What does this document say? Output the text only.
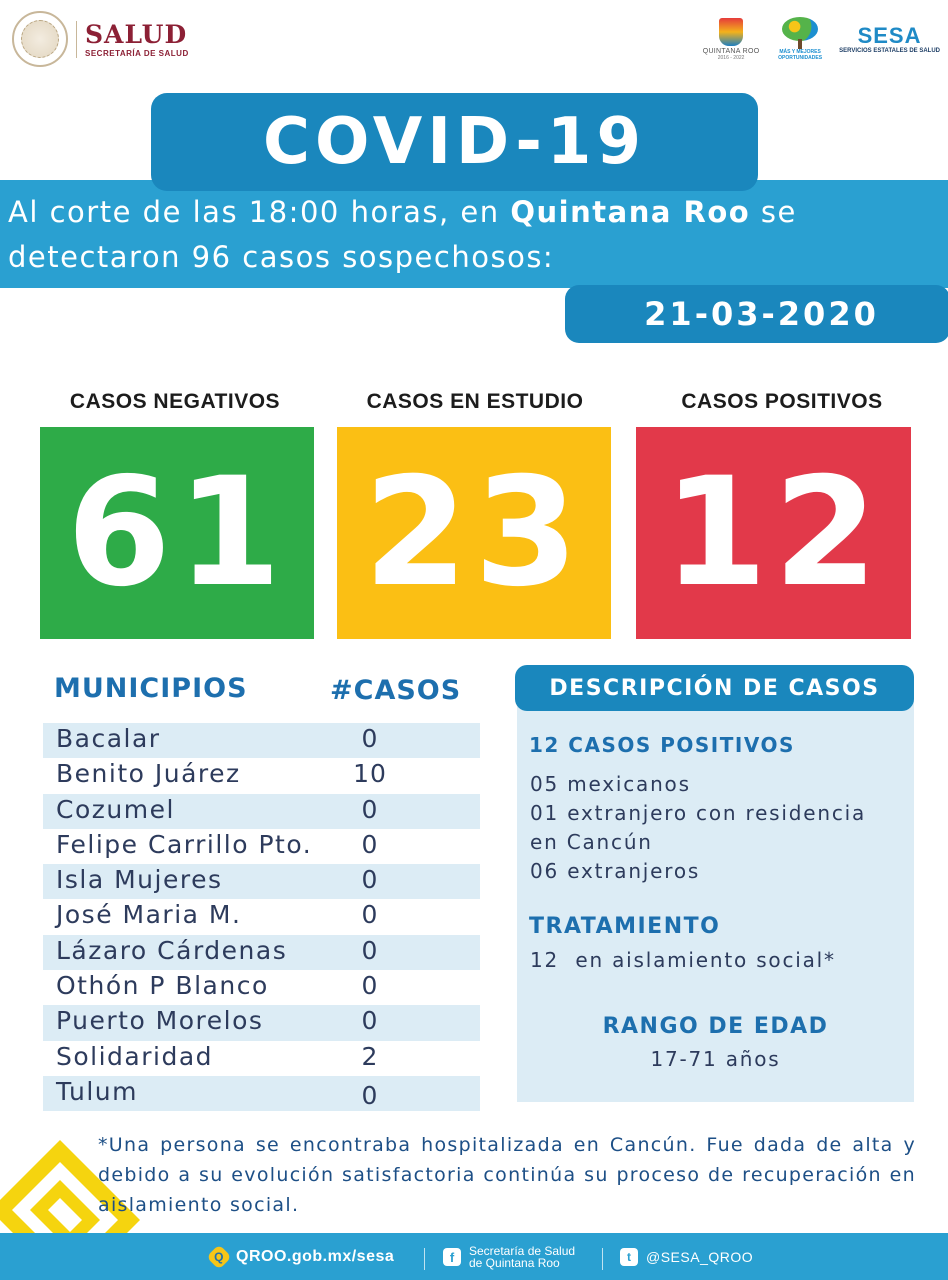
SALUD
SECRETARÍA DE SALUD	QUINTANA ROO
2016 - 2022
MÁS Y MEJORES
OPORTUNIDADES
SESA
SERVICIOS ESTATALES DE SALUD
COVID-19
Al corte de las 18:00 horas, en Quintana Roo se detectaron 96 casos sospechosos:
21-03-2020
CASOS NEGATIVOS	CASOS EN ESTUDIO	CASOS POSITIVOS
61 23 12
MUNICIPIOS	#CASOS
Bacalar	0
Benito Juárez	10
Cozumel	0
Felipe Carrillo Pto.	0
Isla Mujeres	0
José Maria M.	0
Lázaro Cárdenas	0
Othón P Blanco	0
Puerto Morelos	0
Solidaridad	2
Tulum	0
DESCRIPCIÓN DE CASOS
12 CASOS POSITIVOS
05 mexicanos
01 extranjero con residencia
en Cancún
06 extranjeros
TRATAMIENTO
12  en aislamiento social*
RANGO DE EDAD
17-71 años
*Una persona se encontraba hospitalizada en Cancún. Fue dada de alta y debido a su evolución satisfactoria continúa su proceso de recuperación en aislamiento social.
Q QROO.gob.mx/sesa	f	Secretaría de Salud
de Quintana Roo	t	@SESA_QROO
